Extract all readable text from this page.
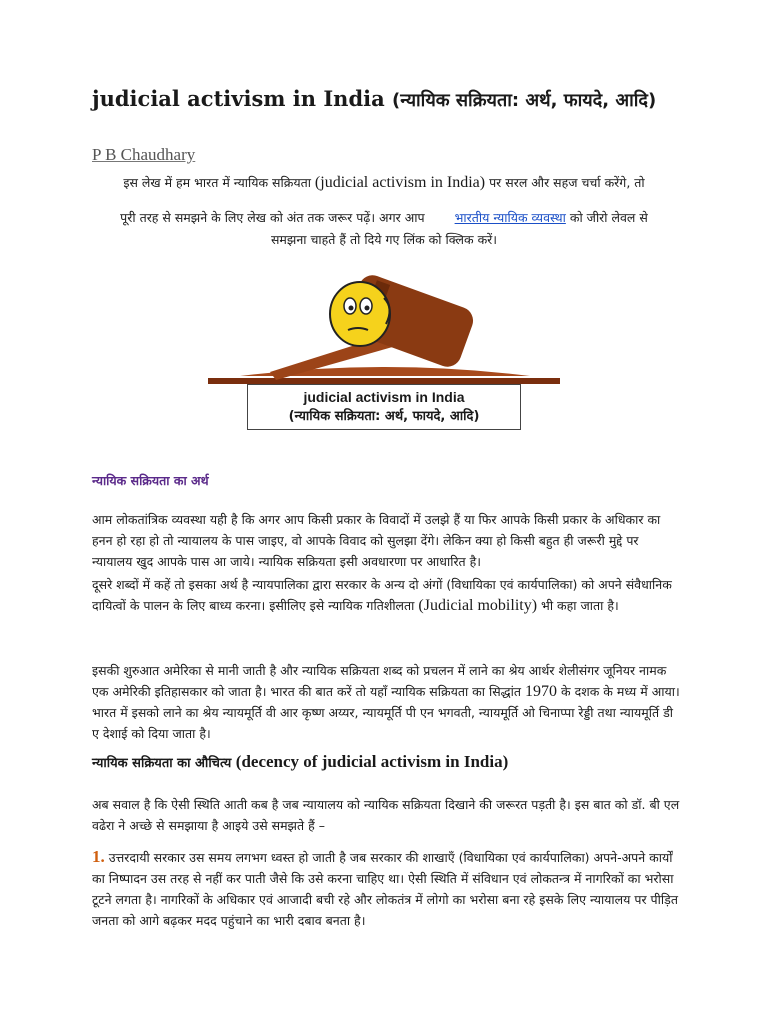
judicial activism in India (न्यायिक सक्रियता: अर्थ, फायदे, आदि)
P B Chaudhary
इस लेख में हम भारत में न्यायिक सक्रियता (judicial activism in India) पर सरल और सहज चर्चा करेंगे, तो
पूरी तरह से समझने के लिए लेख को अंत तक जरूर पढ़ें। अगर आप भारतीय न्यायिक व्यवस्था को जीरो लेवल से
समझना चाहते हैं तो दिये गए लिंक को क्लिक करें।
judicial activism in India
(न्यायिक सक्रियता: अर्थ, फायदे, आदि)
न्यायिक सक्रियता का अर्थ
आम लोकतांत्रिक व्यवस्था यही है कि अगर आप किसी प्रकार के विवादों में उलझे हैं या फिर आपके किसी प्रकार के अधिकार का हनन हो रहा हो तो न्यायालय के पास जाइए, वो आपके विवाद को सुलझा देंगे। लेकिन क्या हो किसी बहुत ही जरूरी मुद्दे पर न्यायालय खुद आपके पास आ जाये। न्यायिक सक्रियता इसी अवधारणा पर आधारित है।
दूसरे शब्दों में कहें तो इसका अर्थ है न्यायपालिका द्वारा सरकार के अन्य दो अंगों (विधायिका एवं कार्यपालिका) को अपने संवैधानिक दायित्वों के पालन के लिए बाध्य करना। इसीलिए इसे न्यायिक गतिशीलता (Judicial mobility) भी कहा जाता है।
इसकी शुरुआत अमेरिका से मानी जाती है और न्यायिक सक्रियता शब्द को प्रचलन में लाने का श्रेय आर्थर शेलीसंगर जूनियर नामक एक अमेरिकी इतिहासकार को जाता है। भारत की बात करें तो यहाँ न्यायिक सक्रियता का सिद्धांत 1970 के दशक के मध्य में आया। भारत में इसको लाने का श्रेय न्यायमूर्ति वी आर कृष्ण अय्यर, न्यायमूर्ति पी एन भगवती, न्यायमूर्ति ओ चिनाप्पा रेड्डी तथा न्यायमूर्ति डी ए देशाई को दिया जाता है।
न्यायिक सक्रियता का औचित्य (decency of judicial activism in India)
अब सवाल है कि ऐसी स्थिति आती कब है जब न्यायालय को न्यायिक सक्रियता दिखाने की जरूरत पड़ती है। इस बात को डॉ. बी एल वढेरा ने अच्छे से समझाया है आइये उसे समझते हैं –
1. उत्तरदायी सरकार उस समय लगभग ध्वस्त हो जाती है जब सरकार की शाखाएँ (विधायिका एवं कार्यपालिका) अपने-अपने कार्यों का निष्पादन उस तरह से नहीं कर पाती जैसे कि उसे करना चाहिए था। ऐसी स्थिति में संविधान एवं लोकतन्त्र में नागरिकों का भरोसा टूटने लगता है। नागरिकों के अधिकार एवं आजादी बची रहे और लोकतंत्र में लोगो का भरोसा बना रहे इसके लिए न्यायालय पर पीड़ित जनता को आगे बढ़कर मदद पहुंचाने का भारी दबाव बनता है।
